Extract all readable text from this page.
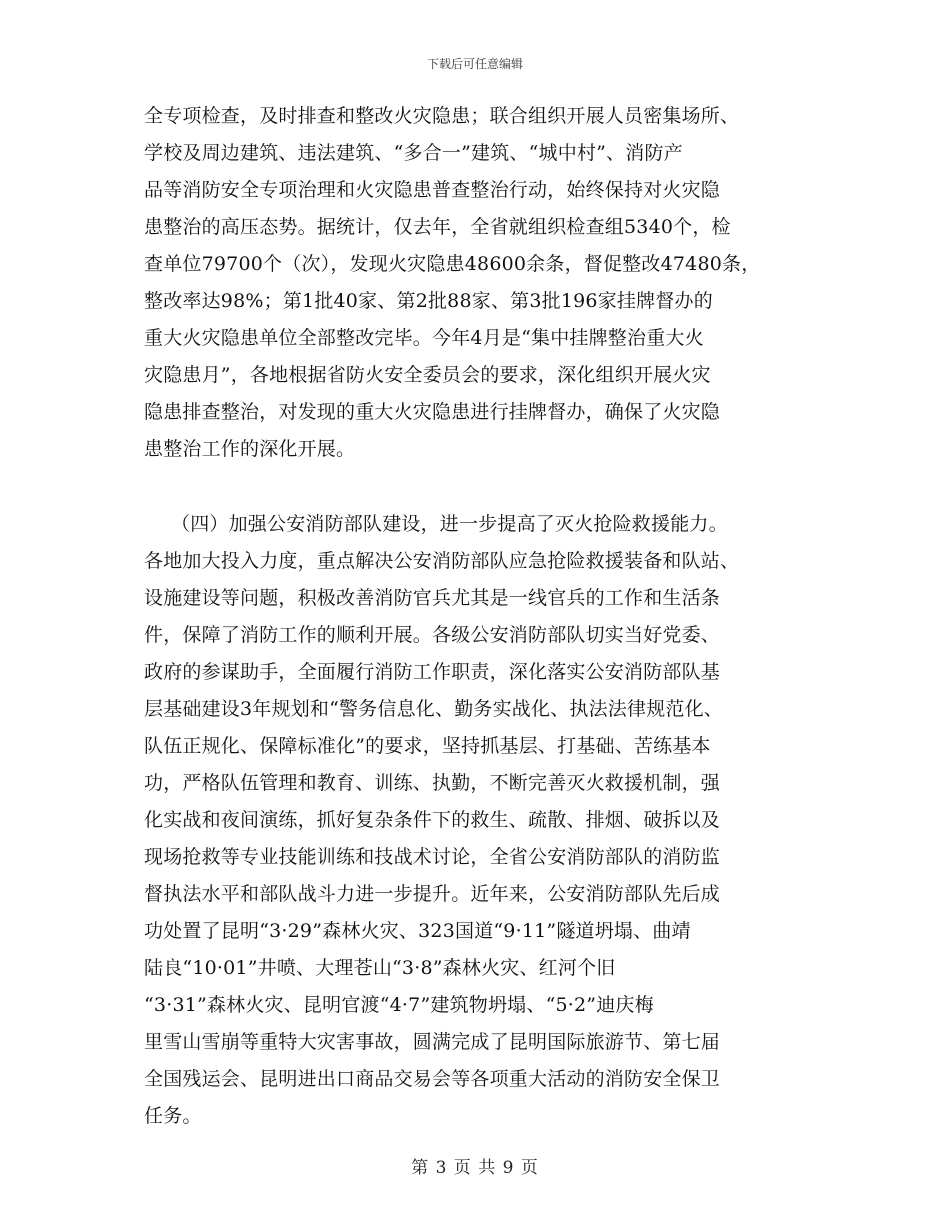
下载后可任意编辑
全专项检查，及时排查和整改火灾隐患；联合组织开展人员密集场所、
学校及周边建筑、违法建筑、“多合一”建筑、“城中村”、消防产
品等消防安全专项治理和火灾隐患普查整治行动，始终保持对火灾隐
患整治的高压态势。据统计，仅去年，全省就组织检查组5340个，检
查单位79700个（次），发现火灾隐患48600余条，督促整改47480条，
整改率达98%；第1批40家、第2批88家、第3批196家挂牌督办的
重大火灾隐患单位全部整改完毕。今年4月是“集中挂牌整治重大火
灾隐患月”，各地根据省防火安全委员会的要求，深化组织开展火灾
隐患排查整治，对发现的重大火灾隐患进行挂牌督办，确保了火灾隐
患整治工作的深化开展。
（四）加强公安消防部队建设，进一步提高了灭火抢险救援能力。
各地加大投入力度，重点解决公安消防部队应急抢险救援装备和队站、
设施建设等问题，积极改善消防官兵尤其是一线官兵的工作和生活条
件，保障了消防工作的顺利开展。各级公安消防部队切实当好党委、
政府的参谋助手，全面履行消防工作职责，深化落实公安消防部队基
层基础建设3年规划和“警务信息化、勤务实战化、执法法律规范化、
队伍正规化、保障标准化”的要求，坚持抓基层、打基础、苦练基本
功，严格队伍管理和教育、训练、执勤，不断完善灭火救援机制，强
化实战和夜间演练，抓好复杂条件下的救生、疏散、排烟、破拆以及
现场抢救等专业技能训练和技战术讨论，全省公安消防部队的消防监
督执法水平和部队战斗力进一步提升。近年来，公安消防部队先后成
功处置了昆明“3·29”森林火灾、323国道“9·11”隧道坍塌、曲靖
陆良“10·01”井喷、大理苍山“3·8”森林火灾、红河个旧
“3·31”森林火灾、昆明官渡“4·7”建筑物坍塌、“5·2”迪庆梅
里雪山雪崩等重特大灾害事故，圆满完成了昆明国际旅游节、第七届
全国残运会、昆明进出口商品交易会等各项重大活动的消防安全保卫
任务。
第 3 页 共 9 页
